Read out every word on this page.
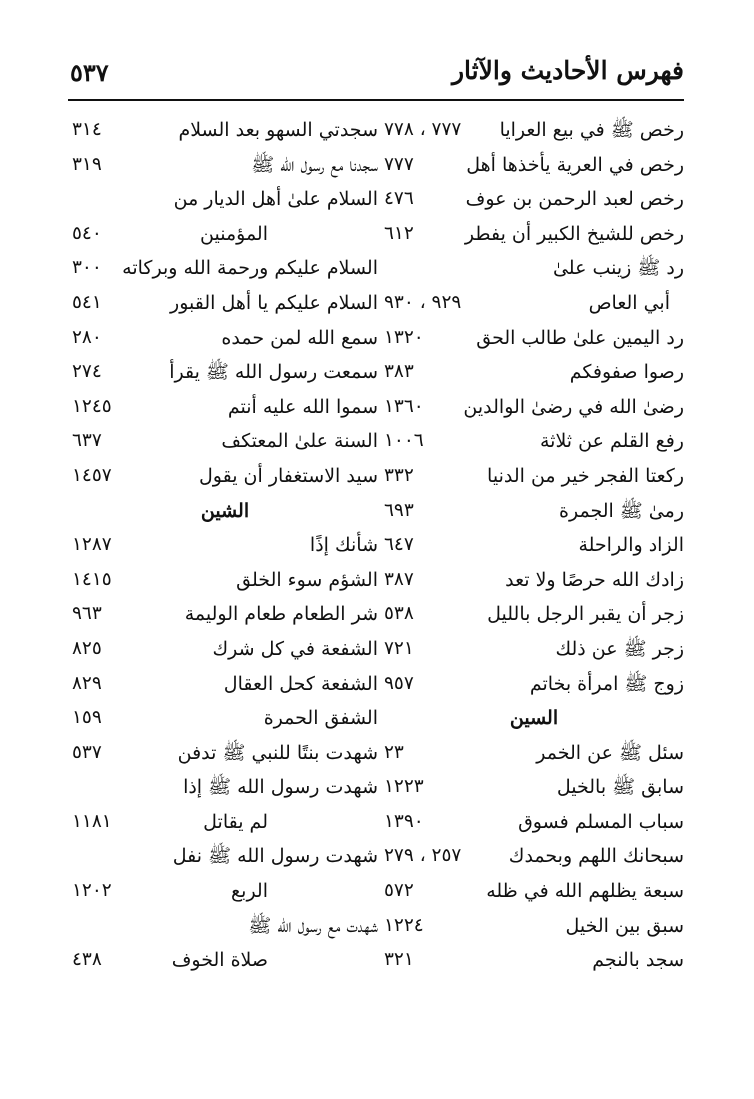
فهرس الأحاديث والآثار
٥٣٧
رخص ﷺ في بيع العرايا
٧٧٧ ، ٧٧٨
رخص في العرية يأخذها أهل
٧٧٧
رخص لعبد الرحمن بن عوف
٤٧٦
رخص للشيخ الكبير أن يفطر
٦١٢
رد ﷺ زينب علىٰ
أبي العاص
٩٢٩ ، ٩٣٠
رد اليمين علىٰ طالب الحق
١٣٢٠
رصوا صفوفكم
٣٨٣
رضىٰ الله في رضىٰ الوالدين
١٣٦٠
رفع القلم عن ثلاثة
١٠٠٦
ركعتا الفجر خير من الدنيا
٣٣٢
رمىٰ ﷺ الجمرة
٦٩٣
الزاد والراحلة
٦٤٧
زادك الله حرصًا ولا تعد
٣٨٧
زجر أن يقبر الرجل بالليل
٥٣٨
زجر ﷺ عن ذلك
٧٢١
زوج ﷺ امرأة بخاتم
٩٥٧
السين
سئل ﷺ عن الخمر
٢٣
سابق ﷺ بالخيل
١٢٢٣
سباب المسلم فسوق
١٣٩٠
سبحانك اللهم وبحمدك
٢٥٧ ، ٢٧٩
سبعة يظلهم الله في ظله
٥٧٢
سبق بين الخيل
١٢٢٤
سجد بالنجم
٣٢١
سجدتي السهو بعد السلام
٣١٤
سجدنا مع رسول الله ﷺ
٣١٩
السلام علىٰ أهل الديار من
المؤمنين
٥٤٠
السلام عليكم ورحمة الله وبركاته
٣٠٠
السلام عليكم يا أهل القبور
٥٤١
سمع الله لمن حمده
٢٨٠
سمعت رسول الله ﷺ يقرأ
٢٧٤
سموا الله عليه أنتم
١٢٤٥
السنة علىٰ المعتكف
٦٣٧
سيد الاستغفار أن يقول
١٤٥٧
الشين
شأنك إذًا
١٢٨٧
الشؤم سوء الخلق
١٤١٥
شر الطعام طعام الوليمة
٩٦٣
الشفعة في كل شرك
٨٢٥
الشفعة كحل العقال
٨٢٩
الشفق الحمرة
١٥٩
شهدت بنتًا للنبي ﷺ تدفن
٥٣٧
شهدت رسول الله ﷺ إذا
لم يقاتل
١١٨١
شهدت رسول الله ﷺ نفل
الربع
١٢٠٢
شهدت مع رسول الله ﷺ
صلاة الخوف
٤٣٨
